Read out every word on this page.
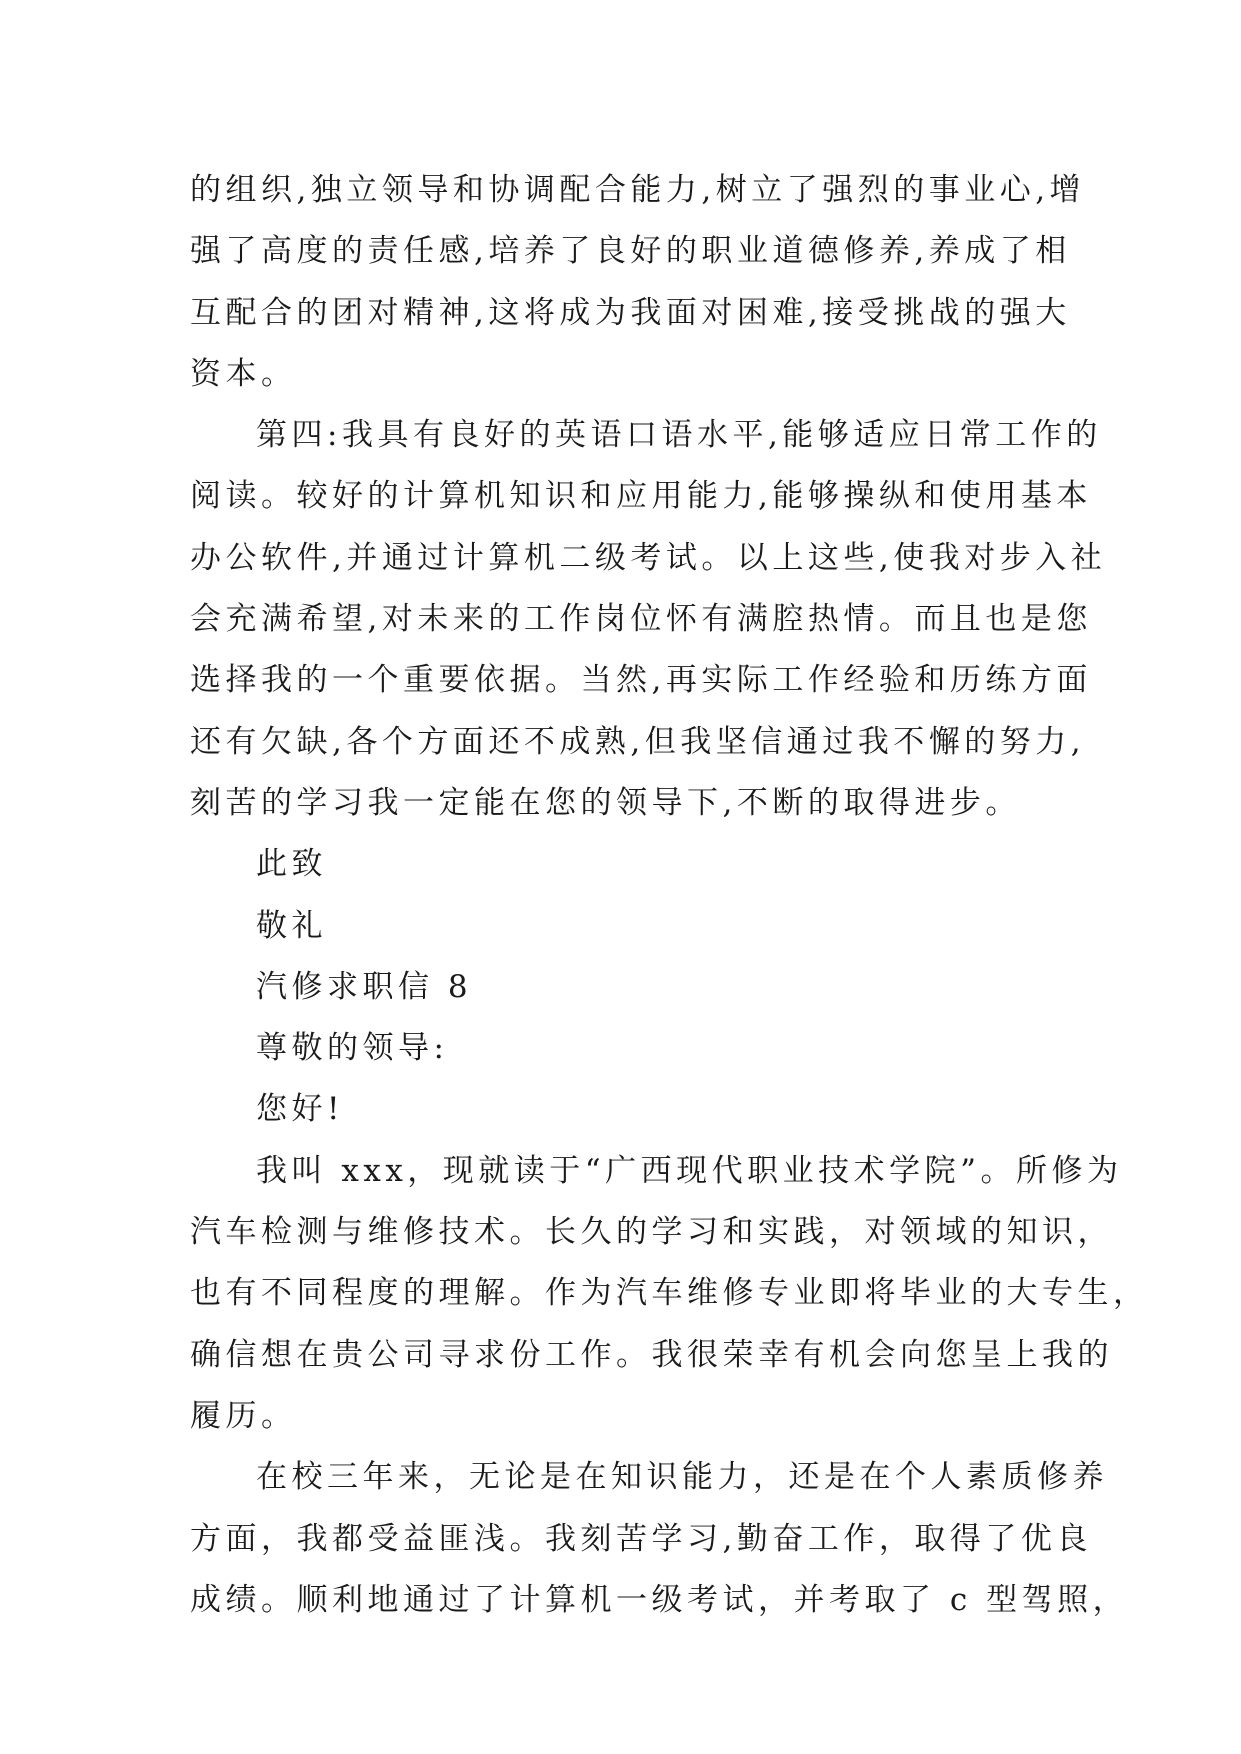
的组织,独立领导和协调配合能力,树立了强烈的事业心,增
强了高度的责任感,培养了良好的职业道德修养,养成了相
互配合的团对精神,这将成为我面对困难,接受挑战的强大
资本。
第四:我具有良好的英语口语水平,能够适应日常工作的
阅读。较好的计算机知识和应用能力,能够操纵和使用基本
办公软件,并通过计算机二级考试。以上这些,使我对步入社
会充满希望,对未来的工作岗位怀有满腔热情。而且也是您
选择我的一个重要依据。当然,再实际工作经验和历练方面
还有欠缺,各个方面还不成熟,但我坚信通过我不懈的努力,
刻苦的学习我一定能在您的领导下,不断的取得进步。
此致
敬礼
汽修求职信 8
尊敬的领导:
您好!
我叫 xxx，现就读于“广西现代职业技术学院”。所修为
汽车检测与维修技术。长久的学习和实践，对领域的知识，
也有不同程度的理解。作为汽车维修专业即将毕业的大专生，
确信想在贵公司寻求份工作。我很荣幸有机会向您呈上我的
履历。
在校三年来，无论是在知识能力，还是在个人素质修养
方面，我都受益匪浅。我刻苦学习,勤奋工作，取得了优良
成绩。顺利地通过了计算机一级考试，并考取了 c 型驾照，
